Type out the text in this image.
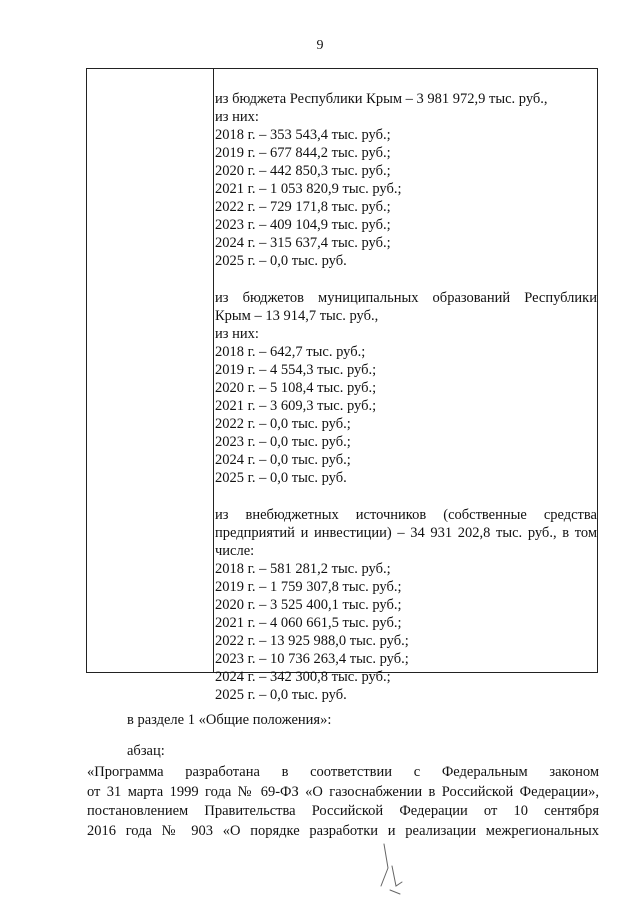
9
из бюджета Республики Крым – 3 981 972,9 тыс. руб.,
из них:
2018 г. – 353 543,4 тыс. руб.;
2019 г. – 677 844,2 тыс. руб.;
2020 г. – 442 850,3 тыс. руб.;
2021 г. – 1 053 820,9 тыс. руб.;
2022 г. – 729 171,8 тыс. руб.;
2023 г. – 409 104,9 тыс. руб.;
2024 г. – 315 637,4 тыс. руб.;
2025 г. – 0,0 тыс. руб.
из бюджетов муниципальных образований Республики
Крым – 13 914,7 тыс. руб.,
из них:
2018 г. – 642,7 тыс. руб.;
2019 г. – 4 554,3 тыс. руб.;
2020 г. – 5 108,4 тыс. руб.;
2021 г. – 3 609,3 тыс. руб.;
2022 г. – 0,0 тыс. руб.;
2023 г. – 0,0 тыс. руб.;
2024 г. – 0,0 тыс. руб.;
2025 г. – 0,0 тыс. руб.
из внебюджетных источников (собственные средства
предприятий и инвестиции) – 34 931 202,8 тыс. руб., в том
числе:
2018 г. – 581 281,2 тыс. руб.;
2019 г. – 1 759 307,8 тыс. руб.;
2020 г. – 3 525 400,1 тыс. руб.;
2021 г. – 4 060 661,5 тыс. руб.;
2022 г. – 13 925 988,0 тыс. руб.;
2023 г. – 10 736 263,4 тыс. руб.;
2024 г. – 342 300,8 тыс. руб.;
2025 г. – 0,0 тыс. руб.
в разделе 1 «Общие положения»:
абзац:
«Программа разработана в соответствии с Федеральным законом
от 31 марта 1999 года № 69-ФЗ «О газоснабжении в Российской Федерации»,
постановлением Правительства Российской Федерации от 10 сентября
2016 года № 903 «О порядке разработки и реализации межрегиональных
